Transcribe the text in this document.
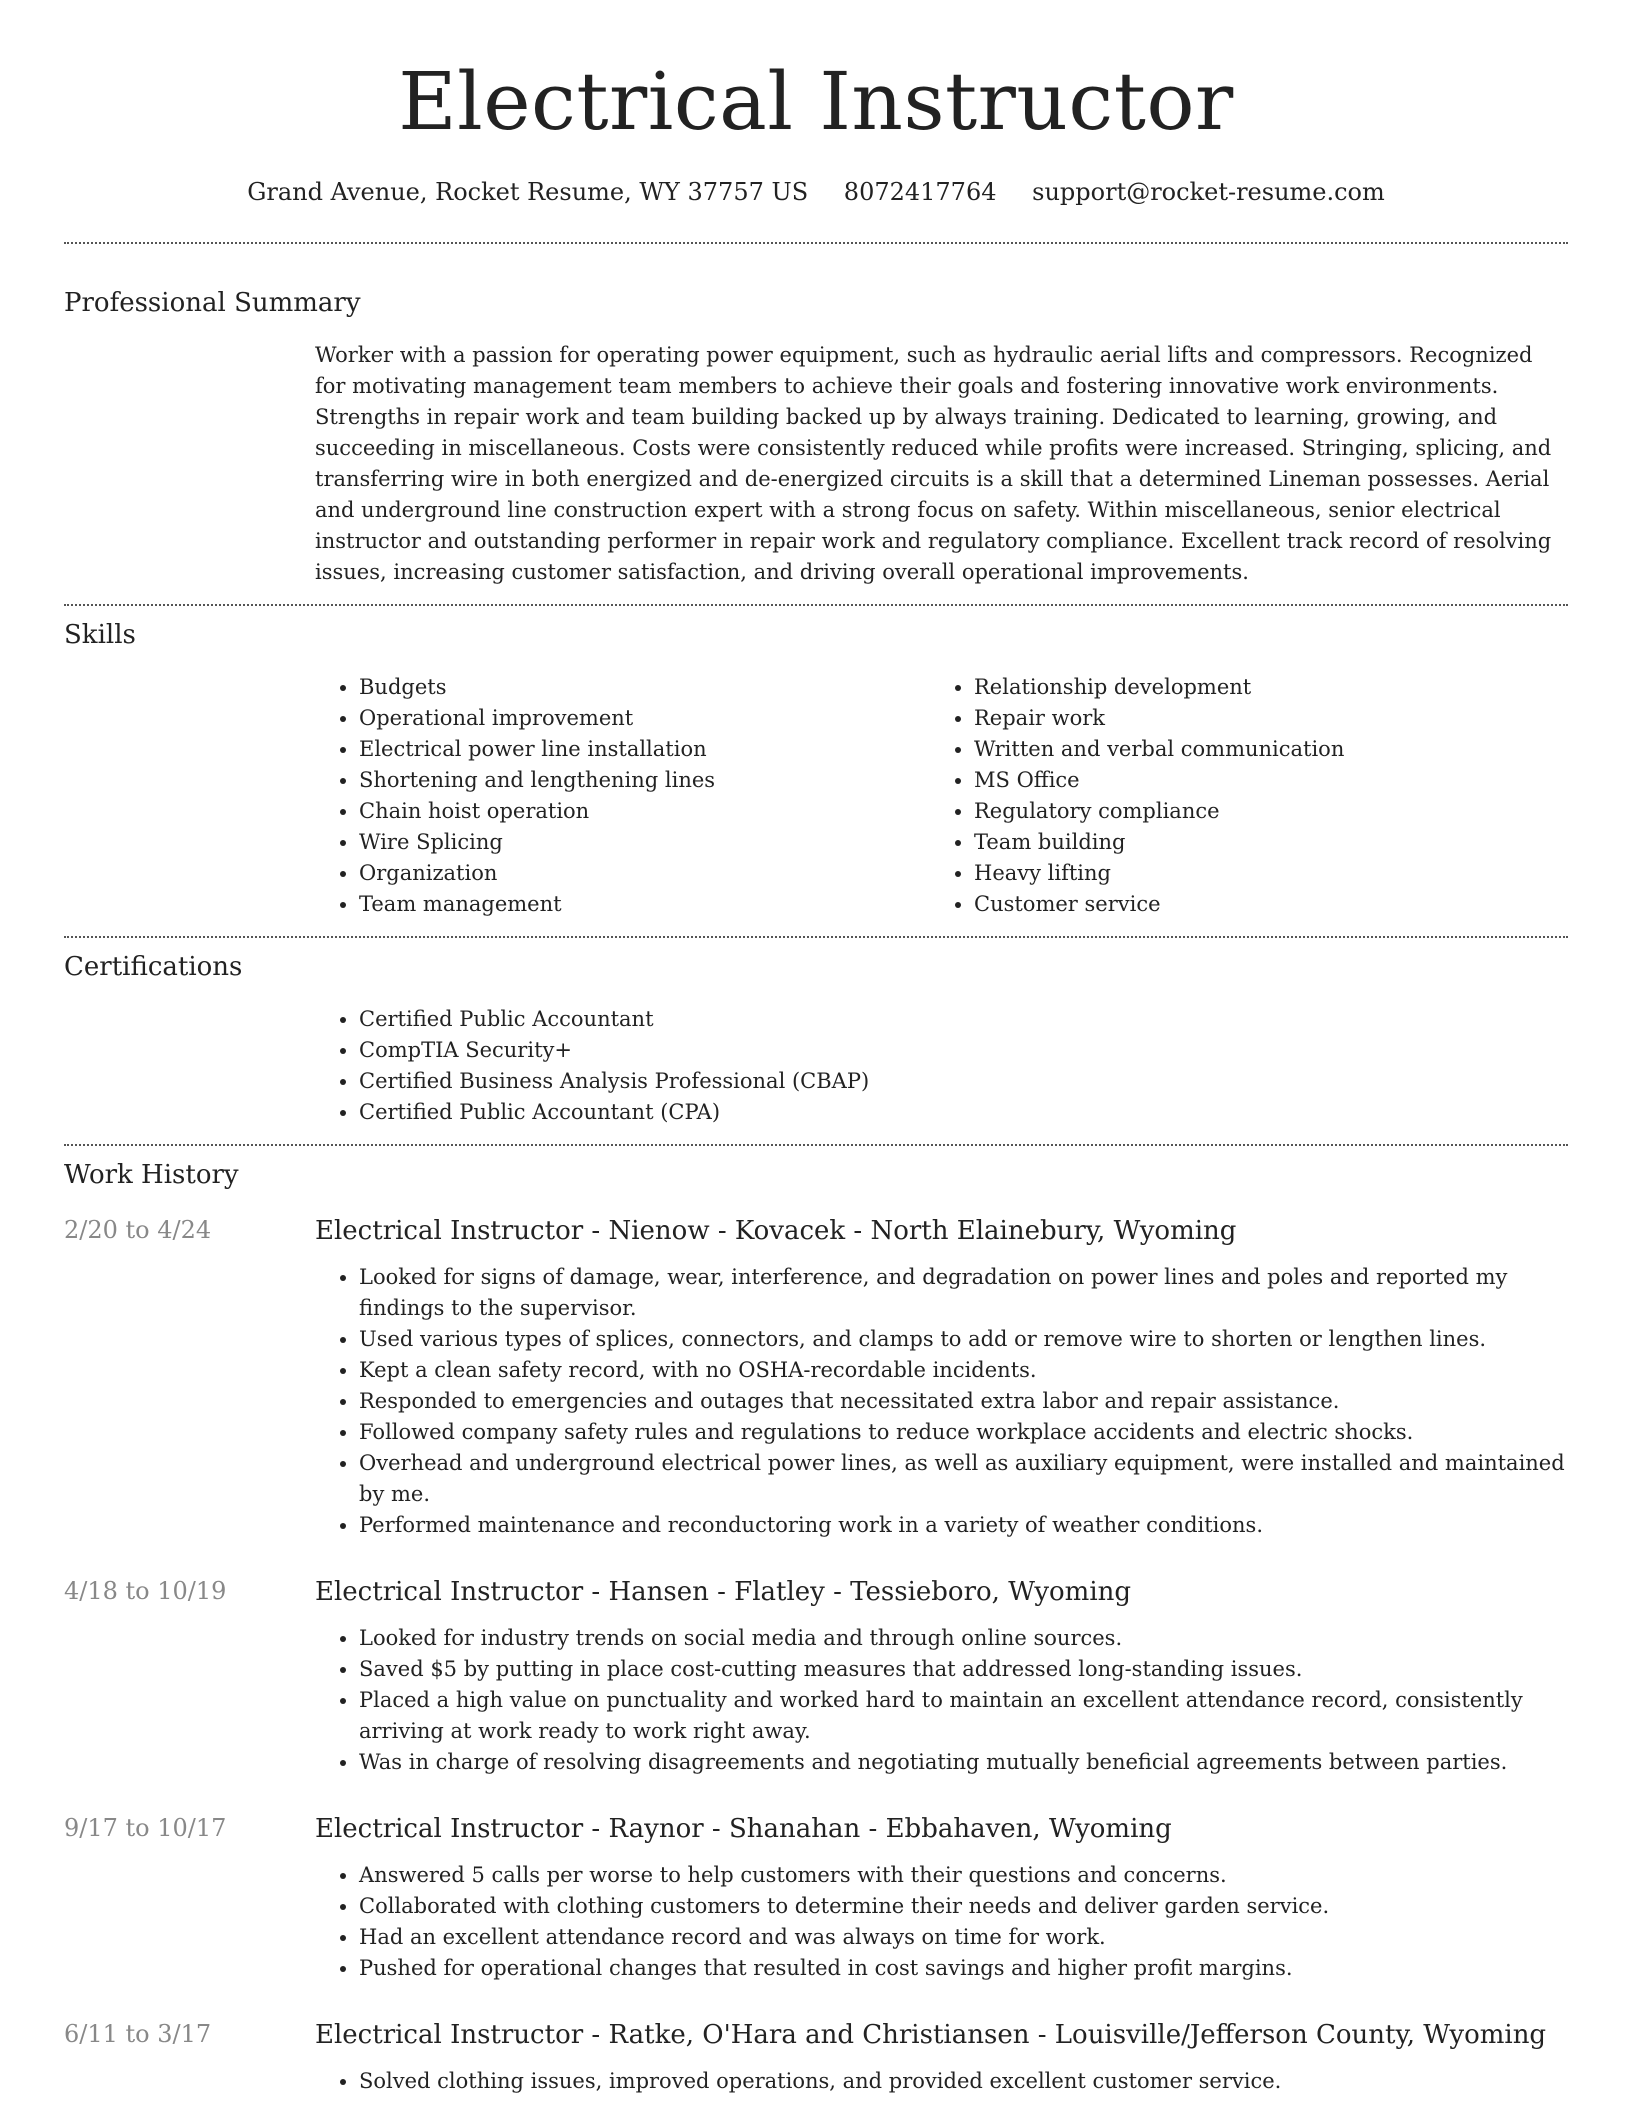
Electrical Instructor
Grand Avenue, Rocket Resume, WY 37757 US 8072417764 support@rocket-resume.com
Professional Summary

Worker with a passion for operating power equipment, such as hydraulic aerial lifts and compressors. Recognized for motivating management team members to achieve their goals and fostering innovative work environments. Strengths in repair work and team building backed up by always training. Dedicated to learning, growing, and succeeding in miscellaneous. Costs were consistently reduced while profits were increased. Stringing, splicing, and transferring wire in both energized and de-energized circuits is a skill that a determined Lineman possesses. Aerial and underground line construction expert with a strong focus on safety. Within miscellaneous, senior electrical instructor and outstanding performer in repair work and regulatory compliance. Excellent track record of resolving issues, increasing customer satisfaction, and driving overall operational improvements.

Skills
• Budgets
• Operational improvement
• Electrical power line installation
• Shortening and lengthening lines
• Chain hoist operation
• Wire Splicing
• Organization
• Team management
• Relationship development
• Repair work
• Written and verbal communication
• MS Office
• Regulatory compliance
• Team building
• Heavy lifting
• Customer service
Certifications
• Certified Public Accountant
• CompTIA Security+
• Certified Business Analysis Professional (CBAP)
• Certified Public Accountant (CPA)
Work History
2/20 to 4/24	Electrical Instructor - Nienow - Kovacek - North Elainebury, Wyoming
• Looked for signs of damage, wear, interference, and degradation on power lines and poles and reported my findings to the supervisor.
• Used various types of splices, connectors, and clamps to add or remove wire to shorten or lengthen lines.
• Kept a clean safety record, with no OSHA-recordable incidents.
• Responded to emergencies and outages that necessitated extra labor and repair assistance.
• Followed company safety rules and regulations to reduce workplace accidents and electric shocks.
• Overhead and underground electrical power lines, as well as auxiliary equipment, were installed and maintained by me.
• Performed maintenance and reconductoring work in a variety of weather conditions.
4/18 to 10/19	Electrical Instructor - Hansen - Flatley - Tessieboro, Wyoming
• Looked for industry trends on social media and through online sources.
• Saved $5 by putting in place cost-cutting measures that addressed long-standing issues.
• Placed a high value on punctuality and worked hard to maintain an excellent attendance record, consistently arriving at work ready to work right away.
• Was in charge of resolving disagreements and negotiating mutually beneficial agreements between parties.
9/17 to 10/17	Electrical Instructor - Raynor - Shanahan - Ebbahaven, Wyoming
• Answered 5 calls per worse to help customers with their questions and concerns.
• Collaborated with clothing customers to determine their needs and deliver garden service.
• Had an excellent attendance record and was always on time for work.
• Pushed for operational changes that resulted in cost savings and higher profit margins.
6/11 to 3/17	Electrical Instructor - Ratke, O'Hara and Christiansen - Louisville/Jefferson County, Wyoming
• Solved clothing issues, improved operations, and provided excellent customer service.
